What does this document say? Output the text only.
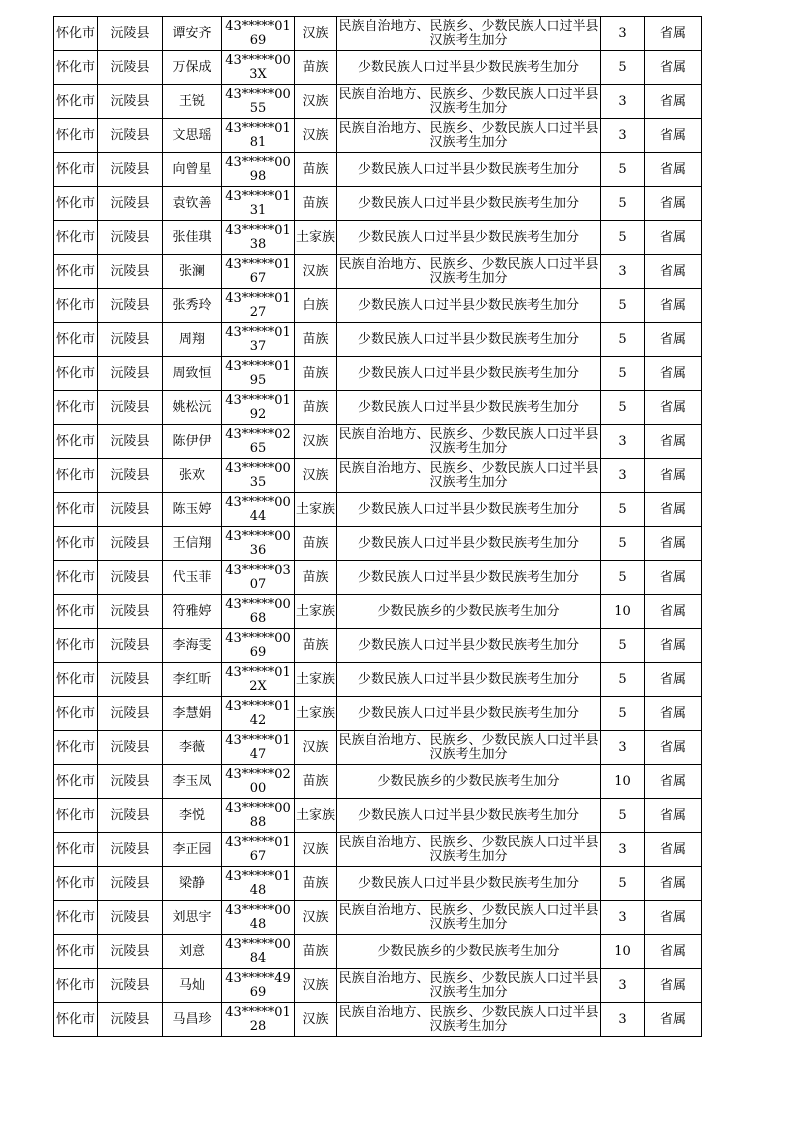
怀化市	沅陵县	谭安齐	43*****0169	汉族	民族自治地方、民族乡、少数民族人口过半县汉族考生加分	3	省属
怀化市	沅陵县	万保成	43*****003X	苗族	少数民族人口过半县少数民族考生加分	5	省属
怀化市	沅陵县	王锐	43*****0055	汉族	民族自治地方、民族乡、少数民族人口过半县汉族考生加分	3	省属
怀化市	沅陵县	文思瑶	43*****0181	汉族	民族自治地方、民族乡、少数民族人口过半县汉族考生加分	3	省属
怀化市	沅陵县	向曾星	43*****0098	苗族	少数民族人口过半县少数民族考生加分	5	省属
怀化市	沅陵县	袁钦善	43*****0131	苗族	少数民族人口过半县少数民族考生加分	5	省属
怀化市	沅陵县	张佳琪	43*****0138	土家族	少数民族人口过半县少数民族考生加分	5	省属
怀化市	沅陵县	张澜	43*****0167	汉族	民族自治地方、民族乡、少数民族人口过半县汉族考生加分	3	省属
怀化市	沅陵县	张秀玲	43*****0127	白族	少数民族人口过半县少数民族考生加分	5	省属
怀化市	沅陵县	周翔	43*****0137	苗族	少数民族人口过半县少数民族考生加分	5	省属
怀化市	沅陵县	周致恒	43*****0195	苗族	少数民族人口过半县少数民族考生加分	5	省属
怀化市	沅陵县	姚松沅	43*****0192	苗族	少数民族人口过半县少数民族考生加分	5	省属
怀化市	沅陵县	陈伊伊	43*****0265	汉族	民族自治地方、民族乡、少数民族人口过半县汉族考生加分	3	省属
怀化市	沅陵县	张欢	43*****0035	汉族	民族自治地方、民族乡、少数民族人口过半县汉族考生加分	3	省属
怀化市	沅陵县	陈玉婷	43*****0044	土家族	少数民族人口过半县少数民族考生加分	5	省属
怀化市	沅陵县	王信翔	43*****0036	苗族	少数民族人口过半县少数民族考生加分	5	省属
怀化市	沅陵县	代玉菲	43*****0307	苗族	少数民族人口过半县少数民族考生加分	5	省属
怀化市	沅陵县	符雅婷	43*****0068	土家族	少数民族乡的少数民族考生加分	10	省属
怀化市	沅陵县	李海雯	43*****0069	苗族	少数民族人口过半县少数民族考生加分	5	省属
怀化市	沅陵县	李红昕	43*****012X	土家族	少数民族人口过半县少数民族考生加分	5	省属
怀化市	沅陵县	李慧娟	43*****0142	土家族	少数民族人口过半县少数民族考生加分	5	省属
怀化市	沅陵县	李薇	43*****0147	汉族	民族自治地方、民族乡、少数民族人口过半县汉族考生加分	3	省属
怀化市	沅陵县	李玉凤	43*****0200	苗族	少数民族乡的少数民族考生加分	10	省属
怀化市	沅陵县	李悦	43*****0088	土家族	少数民族人口过半县少数民族考生加分	5	省属
怀化市	沅陵县	李正园	43*****0167	汉族	民族自治地方、民族乡、少数民族人口过半县汉族考生加分	3	省属
怀化市	沅陵县	梁静	43*****0148	苗族	少数民族人口过半县少数民族考生加分	5	省属
怀化市	沅陵县	刘思宇	43*****0048	汉族	民族自治地方、民族乡、少数民族人口过半县汉族考生加分	3	省属
怀化市	沅陵县	刘意	43*****0084	苗族	少数民族乡的少数民族考生加分	10	省属
怀化市	沅陵县	马灿	43*****4969	汉族	民族自治地方、民族乡、少数民族人口过半县汉族考生加分	3	省属
怀化市	沅陵县	马昌珍	43*****0128	汉族	民族自治地方、民族乡、少数民族人口过半县汉族考生加分	3	省属
